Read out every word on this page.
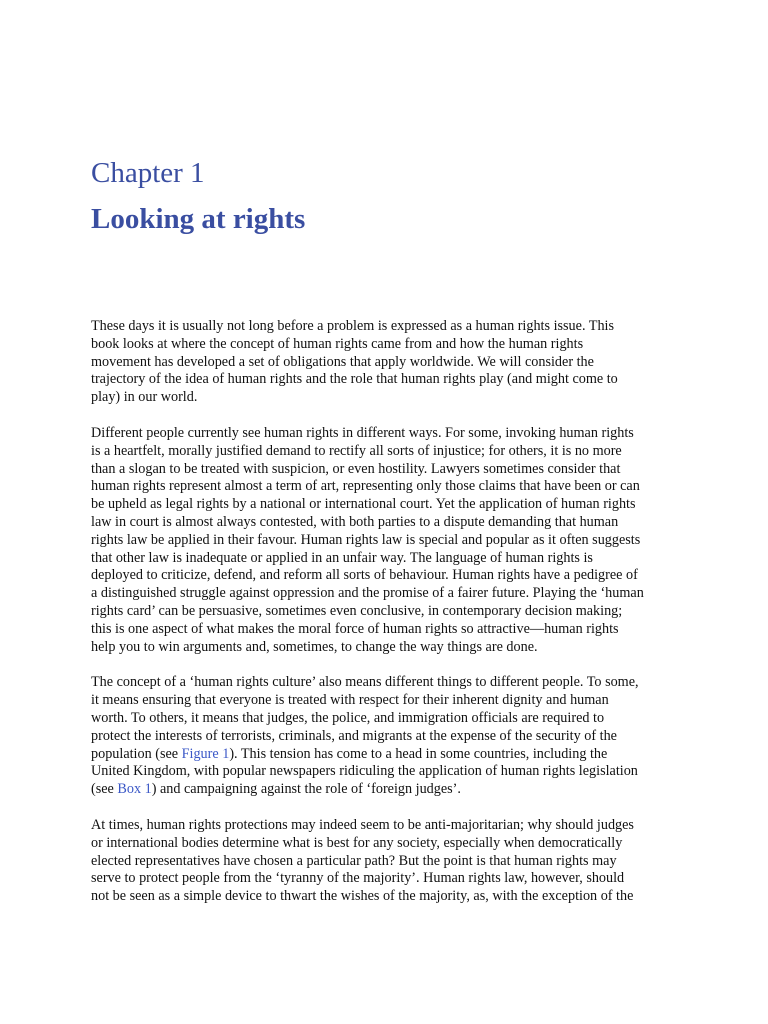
Chapter 1
Looking at rights

These days it is usually not long before a problem is expressed as a human rights issue. This
book looks at where the concept of human rights came from and how the human rights
movement has developed a set of obligations that apply worldwide. We will consider the
trajectory of the idea of human rights and the role that human rights play (and might come to
play) in our world.

Different people currently see human rights in different ways. For some, invoking human rights
is a heartfelt, morally justified demand to rectify all sorts of injustice; for others, it is no more
than a slogan to be treated with suspicion, or even hostility. Lawyers sometimes consider that
human rights represent almost a term of art, representing only those claims that have been or can
be upheld as legal rights by a national or international court. Yet the application of human rights
law in court is almost always contested, with both parties to a dispute demanding that human
rights law be applied in their favour. Human rights law is special and popular as it often suggests
that other law is inadequate or applied in an unfair way. The language of human rights is
deployed to criticize, defend, and reform all sorts of behaviour. Human rights have a pedigree of
a distinguished struggle against oppression and the promise of a fairer future. Playing the ‘human
rights card’ can be persuasive, sometimes even conclusive, in contemporary decision making;
this is one aspect of what makes the moral force of human rights so attractive—human rights
help you to win arguments and, sometimes, to change the way things are done.

The concept of a ‘human rights culture’ also means different things to different people. To some,
it means ensuring that everyone is treated with respect for their inherent dignity and human
worth. To others, it means that judges, the police, and immigration officials are required to
protect the interests of terrorists, criminals, and migrants at the expense of the security of the
population (see Figure 1). This tension has come to a head in some countries, including the
United Kingdom, with popular newspapers ridiculing the application of human rights legislation
(see Box 1) and campaigning against the role of ‘foreign judges’.

At times, human rights protections may indeed seem to be anti-majoritarian; why should judges
or international bodies determine what is best for any society, especially when democratically
elected representatives have chosen a particular path? But the point is that human rights may
serve to protect people from the ‘tyranny of the majority’. Human rights law, however, should
not be seen as a simple device to thwart the wishes of the majority, as, with the exception of the
